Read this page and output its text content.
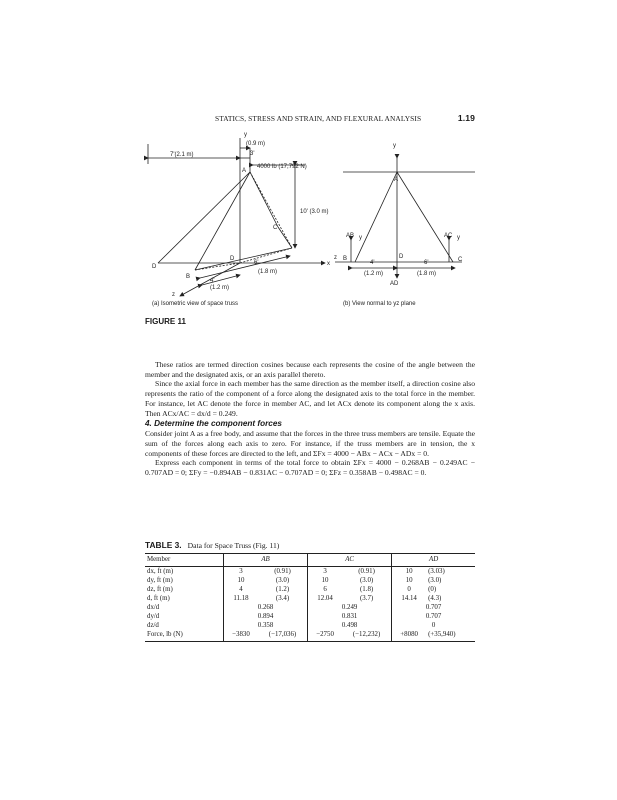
STATICS, STRESS AND STRAIN, AND FLEXURAL ANALYSIS	1.19
y
(0.9 m)
3'
7'(2.1 m)
4000 lb (17,792 N)
A
10' (3.0 m)
C
D
D
B
x
z
6'
(1.8 m)
4'
(1.2 m)
y
A
AB y	AC y
z B	D	C
4'	6'
(1.2 m)	(1.8 m)
AD
(a) Isometric view of space truss	(b) View normal to yz plane
FIGURE 11

These ratios are termed direction cosines because each represents the cosine of the angle between the member and the designated axis, or an axis parallel thereto.

Since the axial force in each member has the same direction as the member itself, a direction cosine also represents the ratio of the component of a force along the designated axis to the total force in the member. For instance, let AC denote the force in member AC, and let ACx denote its component along the x axis. Then ACx/AC = dx/d = 0.249.

4. Determine the component forces

Consider joint A as a free body, and assume that the forces in the three truss members are tensile. Equate the sum of the forces along each axis to zero. For instance, if the truss members are in tension, the x components of these forces are directed to the left, and ΣFx = 4000 − ABx − ACx − ADx = 0.

Express each component in terms of the total force to obtain ΣFx = 4000 − 0.268AB − 0.249AC − 0.707AD = 0; ΣFy = −0.894AB − 0.831AC − 0.707AD = 0; ΣFz = 0.358AB − 0.498AC = 0.

TABLE 3. Data for Space Truss (Fig. 11)
Member	AB		AC		AD	
dx, ft (m)	3	(0.91)	3	(0.91)	10	(3.03)
dy, ft (m)	10	(3.0)	10	(3.0)	10	(3.0)
dz, ft (m)	4	(1.2)	6	(1.8)	0	(0)
d, ft (m)	11.18	(3.4)	12.04	(3.7)	14.14	(4.3)
dx/d	0.268		0.249		0.707	
dy/d	0.894		0.831		0.707	
dz/d	0.358		0.498		0	
Force, lb (N)	−3830	(−17,036)	−2750	(−12,232)	+8080	(+35,940)
